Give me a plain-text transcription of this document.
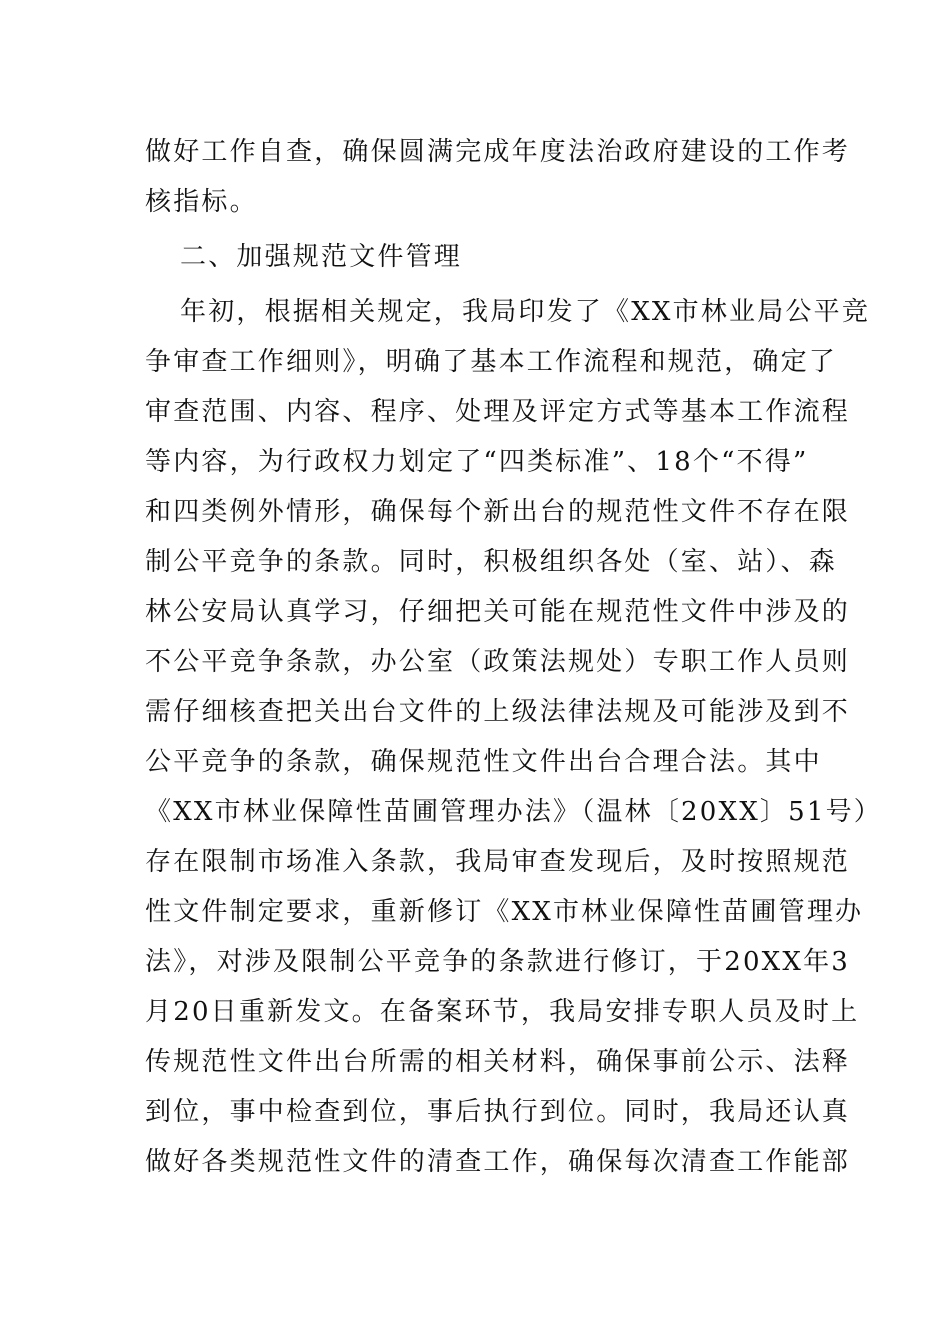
做好工作自查，确保圆满完成年度法治政府建设的工作考
核指标。
二、加强规范文件管理
年初，根据相关规定，我局印发了《XX市林业局公平竞
争审查工作细则》，明确了基本工作流程和规范，确定了
审查范围、内容、程序、处理及评定方式等基本工作流程
等内容，为行政权力划定了“四类标准”、18个“不得”
和四类例外情形，确保每个新出台的规范性文件不存在限
制公平竞争的条款。同时，积极组织各处（室、站）、森
林公安局认真学习，仔细把关可能在规范性文件中涉及的
不公平竞争条款，办公室（政策法规处）专职工作人员则
需仔细核查把关出台文件的上级法律法规及可能涉及到不
公平竞争的条款，确保规范性文件出台合理合法。其中
《XX市林业保障性苗圃管理办法》（温林〔20XX〕51号）
存在限制市场准入条款，我局审查发现后，及时按照规范
性文件制定要求，重新修订《XX市林业保障性苗圃管理办
法》，对涉及限制公平竞争的条款进行修订，于20XX年3
月20日重新发文。在备案环节，我局安排专职人员及时上
传规范性文件出台所需的相关材料，确保事前公示、法释
到位，事中检查到位，事后执行到位。同时，我局还认真
做好各类规范性文件的清查工作，确保每次清查工作能部
